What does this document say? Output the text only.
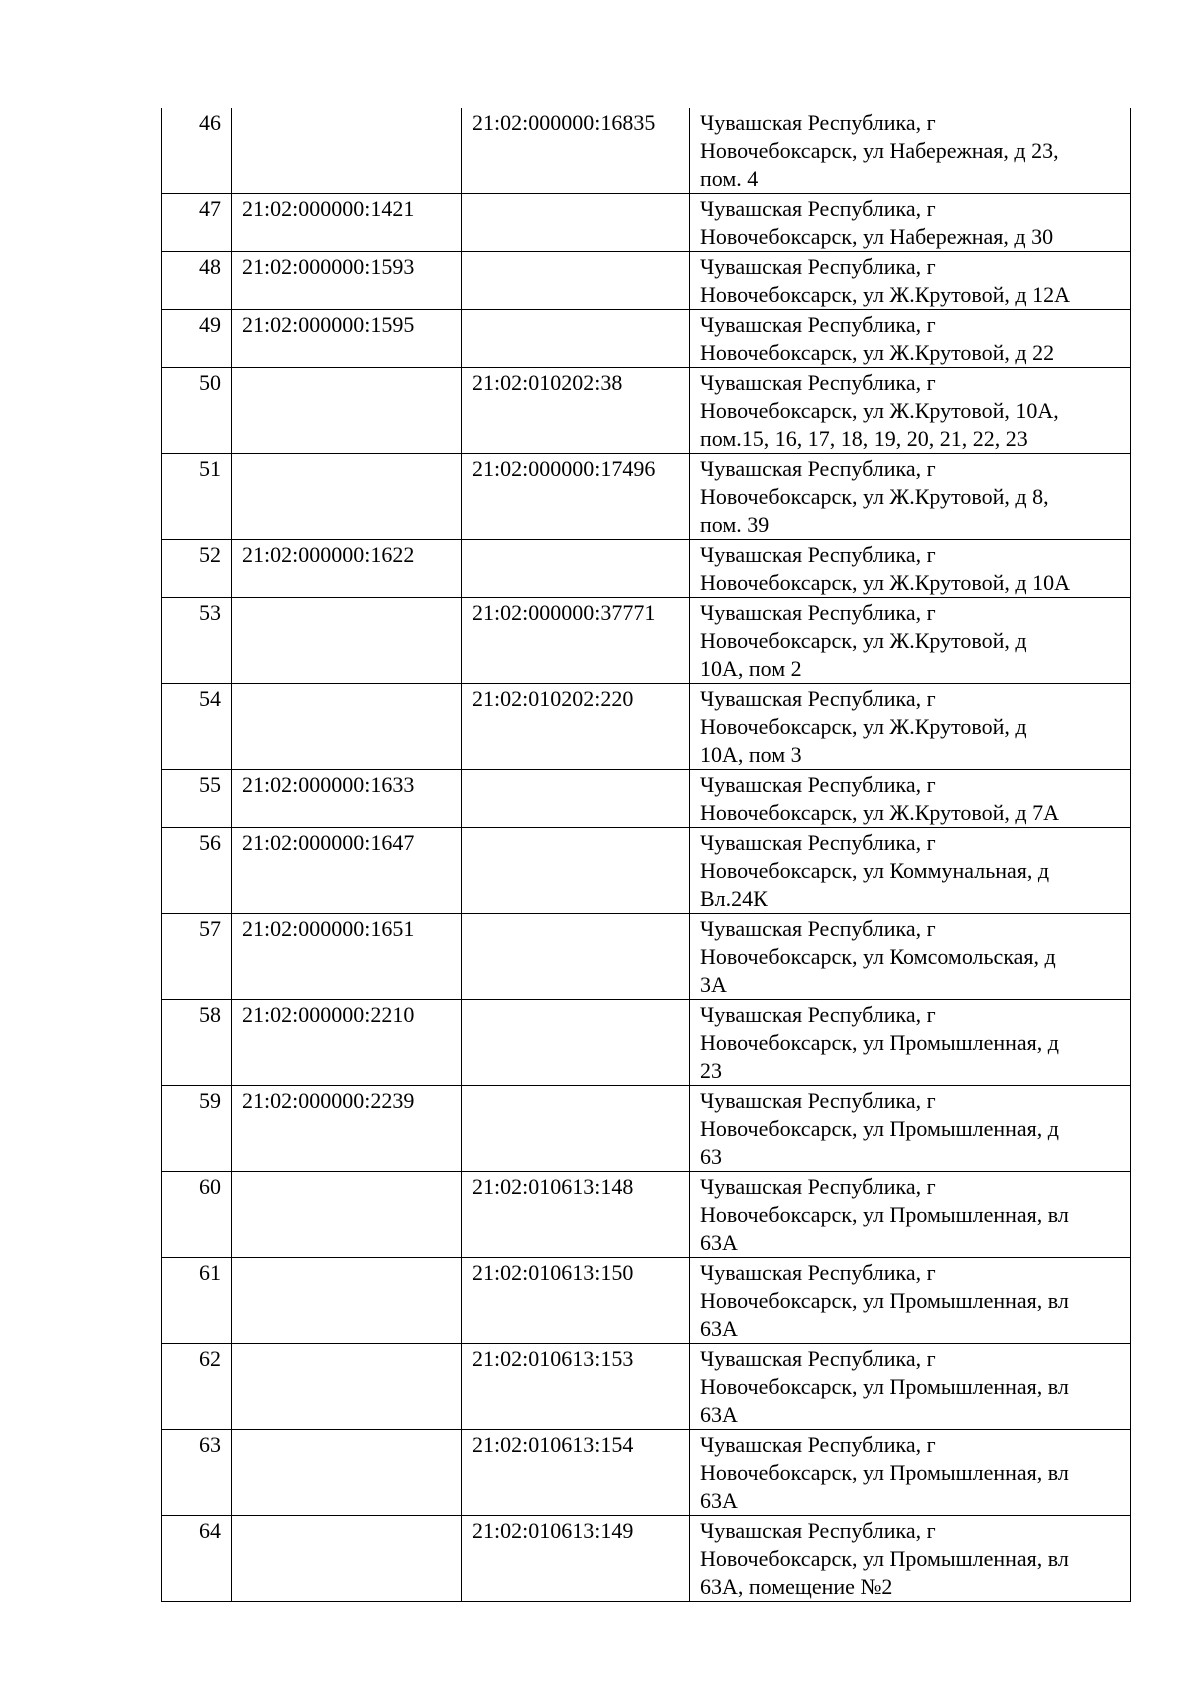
46		21:02:000000:16835	Чувашская Республика, г
Новочебоксарск, ул Набережная, д 23,
пом. 4

47	21:02:000000:1421		Чувашская Республика, г
Новочебоксарск, ул Набережная, д 30

48	21:02:000000:1593		Чувашская Республика, г
Новочебоксарск, ул Ж.Крутовой, д 12А

49	21:02:000000:1595		Чувашская Республика, г
Новочебоксарск, ул Ж.Крутовой, д 22

50		21:02:010202:38	Чувашская Республика, г
Новочебоксарск, ул Ж.Крутовой, 10А,
пом.15, 16, 17, 18, 19, 20, 21, 22, 23

51		21:02:000000:17496	Чувашская Республика, г
Новочебоксарск, ул Ж.Крутовой, д 8,
пом. 39

52	21:02:000000:1622		Чувашская Республика, г
Новочебоксарск, ул Ж.Крутовой, д 10А

53		21:02:000000:37771	Чувашская Республика, г
Новочебоксарск, ул Ж.Крутовой, д
10А, пом 2

54		21:02:010202:220	Чувашская Республика, г
Новочебоксарск, ул Ж.Крутовой, д
10А, пом 3

55	21:02:000000:1633		Чувашская Республика, г
Новочебоксарск, ул Ж.Крутовой, д 7А

56	21:02:000000:1647		Чувашская Республика, г
Новочебоксарск, ул Коммунальная, д
Вл.24К

57	21:02:000000:1651		Чувашская Республика, г
Новочебоксарск, ул Комсомольская, д
3А

58	21:02:000000:2210		Чувашская Республика, г
Новочебоксарск, ул Промышленная, д
23

59	21:02:000000:2239		Чувашская Республика, г
Новочебоксарск, ул Промышленная, д
63

60		21:02:010613:148	Чувашская Республика, г
Новочебоксарск, ул Промышленная, вл
63А

61		21:02:010613:150	Чувашская Республика, г
Новочебоксарск, ул Промышленная, вл
63А

62		21:02:010613:153	Чувашская Республика, г
Новочебоксарск, ул Промышленная, вл
63А

63		21:02:010613:154	Чувашская Республика, г
Новочебоксарск, ул Промышленная, вл
63А

64		21:02:010613:149	Чувашская Республика, г
Новочебоксарск, ул Промышленная, вл
63А, помещение №2
